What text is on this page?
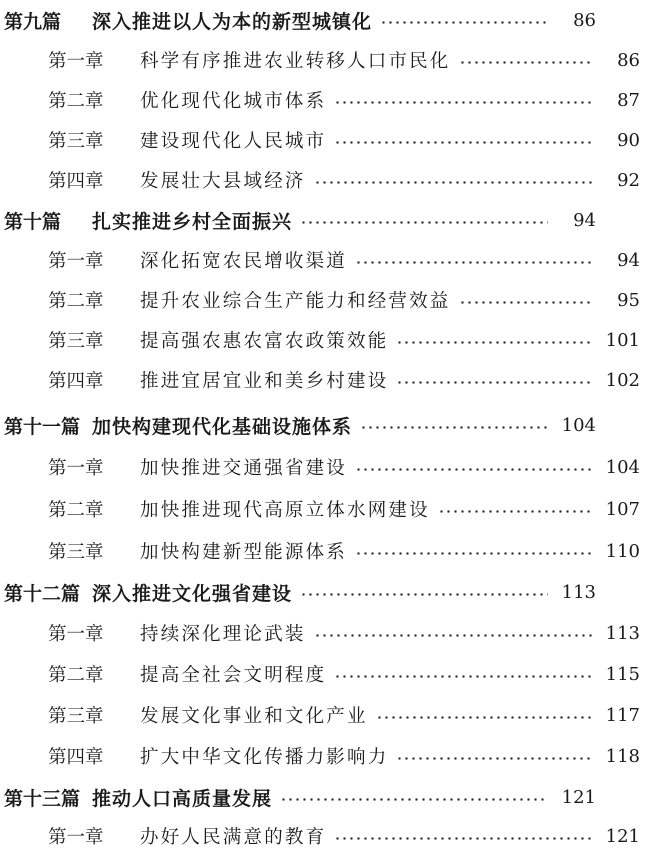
第九篇	深入推进以人为本的新型城镇化	86
第一章	科学有序推进农业转移人口市民化	86
第二章	优化现代化城市体系	87
第三章	建设现代化人民城市	90
第四章	发展壮大县域经济	92
第十篇	扎实推进乡村全面振兴	94
第一章	深化拓宽农民增收渠道	94
第二章	提升农业综合生产能力和经营效益	95
第三章	提高强农惠农富农政策效能	101
第四章	推进宜居宜业和美乡村建设	102
第十一篇 加快构建现代化基础设施体系	104
第一章	加快推进交通强省建设	104
第二章	加快推进现代高原立体水网建设	107
第三章	加快构建新型能源体系	110
第十二篇 深入推进文化强省建设	113
第一章	持续深化理论武装	113
第二章	提高全社会文明程度	115
第三章	发展文化事业和文化产业	117
第四章	扩大中华文化传播力影响力	118
第十三篇 推动人口高质量发展	121
第一章	办好人民满意的教育	121
